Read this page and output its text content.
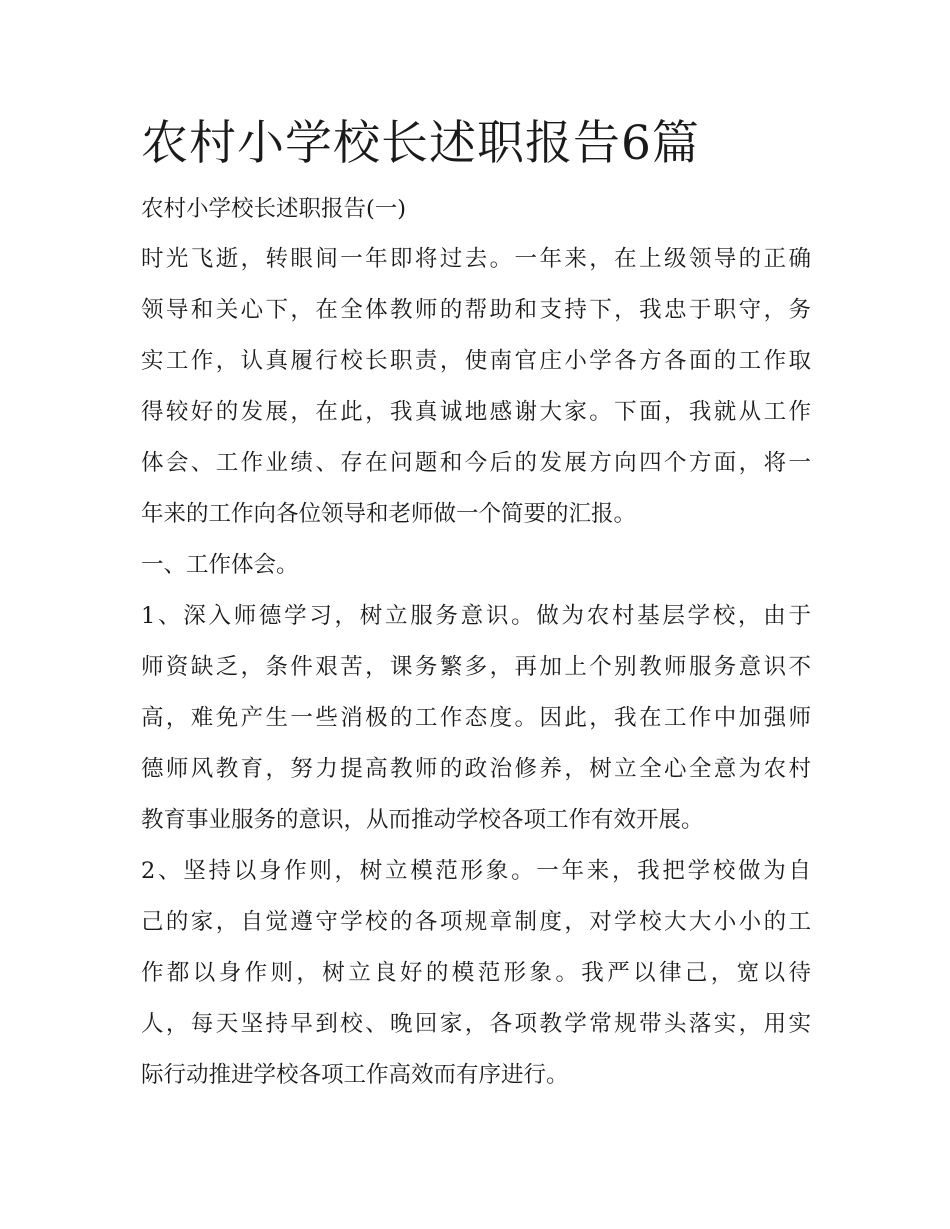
农村小学校长述职报告6篇
农村小学校长述职报告(一)
时光飞逝，转眼间一年即将过去。一年来，在上级领导的正确
领导和关心下，在全体教师的帮助和支持下，我忠于职守，务
实工作，认真履行校长职责，使南官庄小学各方各面的工作取
得较好的发展，在此，我真诚地感谢大家。下面，我就从工作
体会、工作业绩、存在问题和今后的发展方向四个方面，将一
年来的工作向各位领导和老师做一个简要的汇报。
一、工作体会。
1、深入师德学习，树立服务意识。做为农村基层学校，由于
师资缺乏，条件艰苦，课务繁多，再加上个别教师服务意识不
高，难免产生一些消极的工作态度。因此，我在工作中加强师
德师风教育，努力提高教师的政治修养，树立全心全意为农村
教育事业服务的意识，从而推动学校各项工作有效开展。
2、坚持以身作则，树立模范形象。一年来，我把学校做为自
己的家，自觉遵守学校的各项规章制度，对学校大大小小的工
作都以身作则，树立良好的模范形象。我严以律己，宽以待
人，每天坚持早到校、晚回家，各项教学常规带头落实，用实
际行动推进学校各项工作高效而有序进行。
